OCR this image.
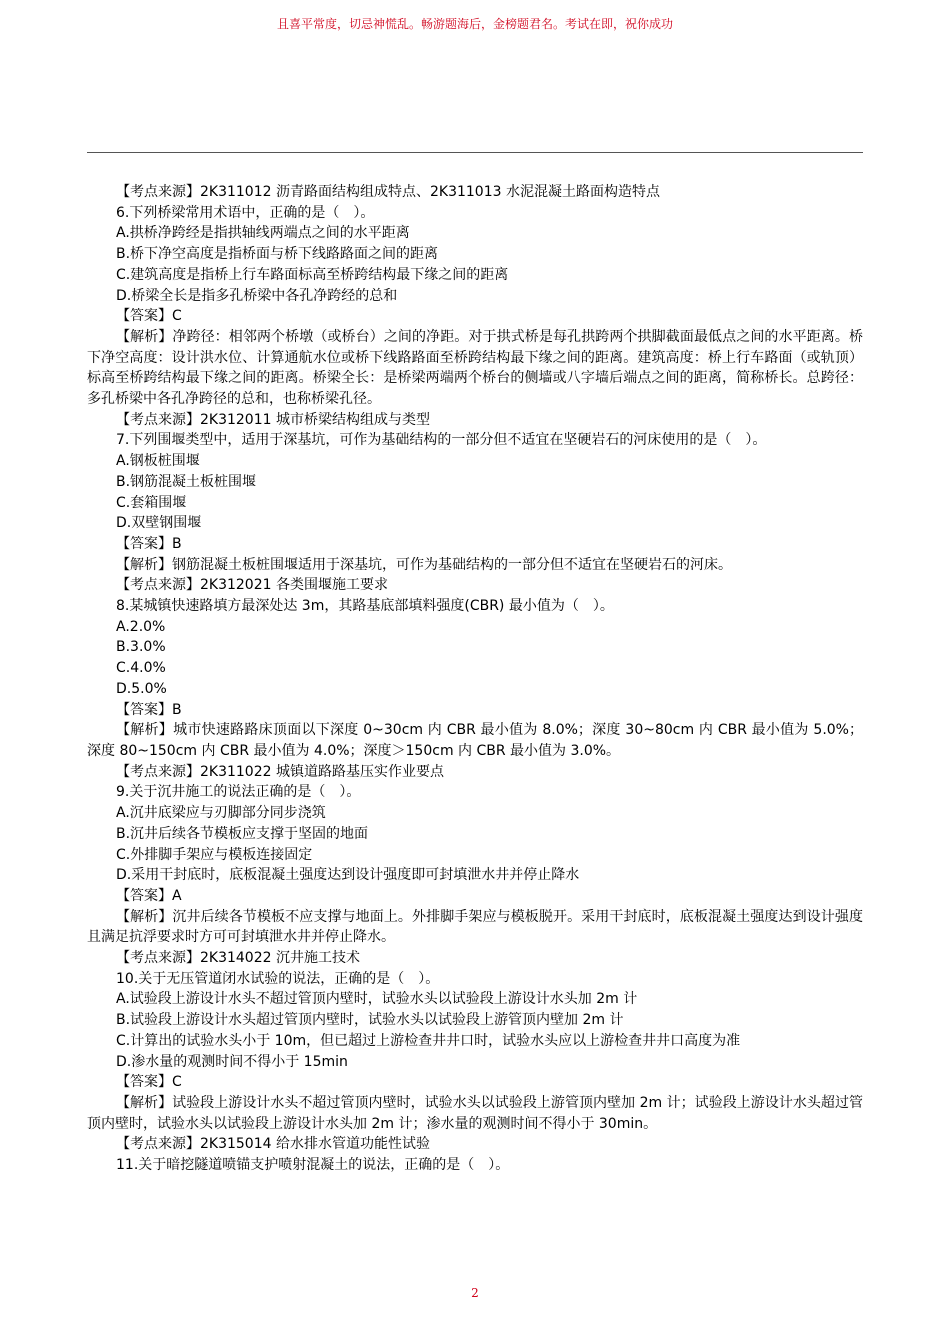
且喜平常度，切忌神慌乱。畅游题海后，金榜题君名。考试在即，祝你成功
【考点来源】2K311012 沥青路面结构组成特点、2K311013 水泥混凝土路面构造特点
6.下列桥梁常用术语中，正确的是（　）。
A.拱桥净跨经是指拱轴线两端点之间的水平距离
B.桥下净空高度是指桥面与桥下线路路面之间的距离
C.建筑高度是指桥上行车路面标高至桥跨结构最下缘之间的距离
D.桥梁全长是指多孔桥梁中各孔净跨经的总和
【答案】C
【解析】净跨径：相邻两个桥墩（或桥台）之间的净距。对于拱式桥是每孔拱跨两个拱脚截面最低点之间的水平距离。桥下净空高度：设计洪水位、计算通航水位或桥下线路路面至桥跨结构最下缘之间的距离。建筑高度：桥上行车路面（或轨顶）标高至桥跨结构最下缘之间的距离。桥梁全长：是桥梁两端两个桥台的侧墙或八字墙后端点之间的距离，简称桥长。总跨径：多孔桥梁中各孔净跨径的总和，也称桥梁孔径。
【考点来源】2K312011 城市桥梁结构组成与类型
7.下列围堰类型中，适用于深基坑，可作为基础结构的一部分但不适宜在坚硬岩石的河床使用的是（　）。
A.钢板桩围堰
B.钢筋混凝土板桩围堰
C.套箱围堰
D.双壁钢围堰
【答案】B
【解析】钢筋混凝土板桩围堰适用于深基坑，可作为基础结构的一部分但不适宜在坚硬岩石的河床。
【考点来源】2K312021 各类围堰施工要求
8.某城镇快速路填方最深处达 3m，其路基底部填料强度(CBR) 最小值为（　）。
A.2.0%
B.3.0%
C.4.0%
D.5.0%
【答案】B
【解析】城市快速路路床顶面以下深度 0~30cm 内 CBR 最小值为 8.0%；深度 30~80cm 内 CBR 最小值为 5.0%；深度 80~150cm 内 CBR 最小值为 4.0%；深度＞150cm 内 CBR 最小值为 3.0%。
【考点来源】2K311022 城镇道路路基压实作业要点
9.关于沉井施工的说法正确的是（　）。
A.沉井底梁应与刃脚部分同步浇筑
B.沉井后续各节模板应支撑于坚固的地面
C.外排脚手架应与模板连接固定
D.采用干封底时，底板混凝土强度达到设计强度即可封填泄水井并停止降水
【答案】A
【解析】沉井后续各节模板不应支撑与地面上。外排脚手架应与模板脱开。采用干封底时，底板混凝土强度达到设计强度且满足抗浮要求时方可可封填泄水井并停止降水。
【考点来源】2K314022 沉井施工技术
10.关于无压管道闭水试验的说法，正确的是（　）。
A.试验段上游设计水头不超过管顶内壁时，试验水头以试验段上游设计水头加 2m 计
B.试验段上游设计水头超过管顶内壁时，试验水头以试验段上游管顶内壁加 2m 计
C.计算出的试验水头小于 10m，但已超过上游检查井井口时，试验水头应以上游检查井井口高度为准
D.渗水量的观测时间不得小于 15min
【答案】C
【解析】试验段上游设计水头不超过管顶内壁时，试验水头以试验段上游管顶内壁加 2m 计；试验段上游设计水头超过管顶内壁时，试验水头以试验段上游设计水头加 2m 计；渗水量的观测时间不得小于 30min。
【考点来源】2K315014 给水排水管道功能性试验
11.关于暗挖隧道喷锚支护喷射混凝土的说法，正确的是（　）。
2
